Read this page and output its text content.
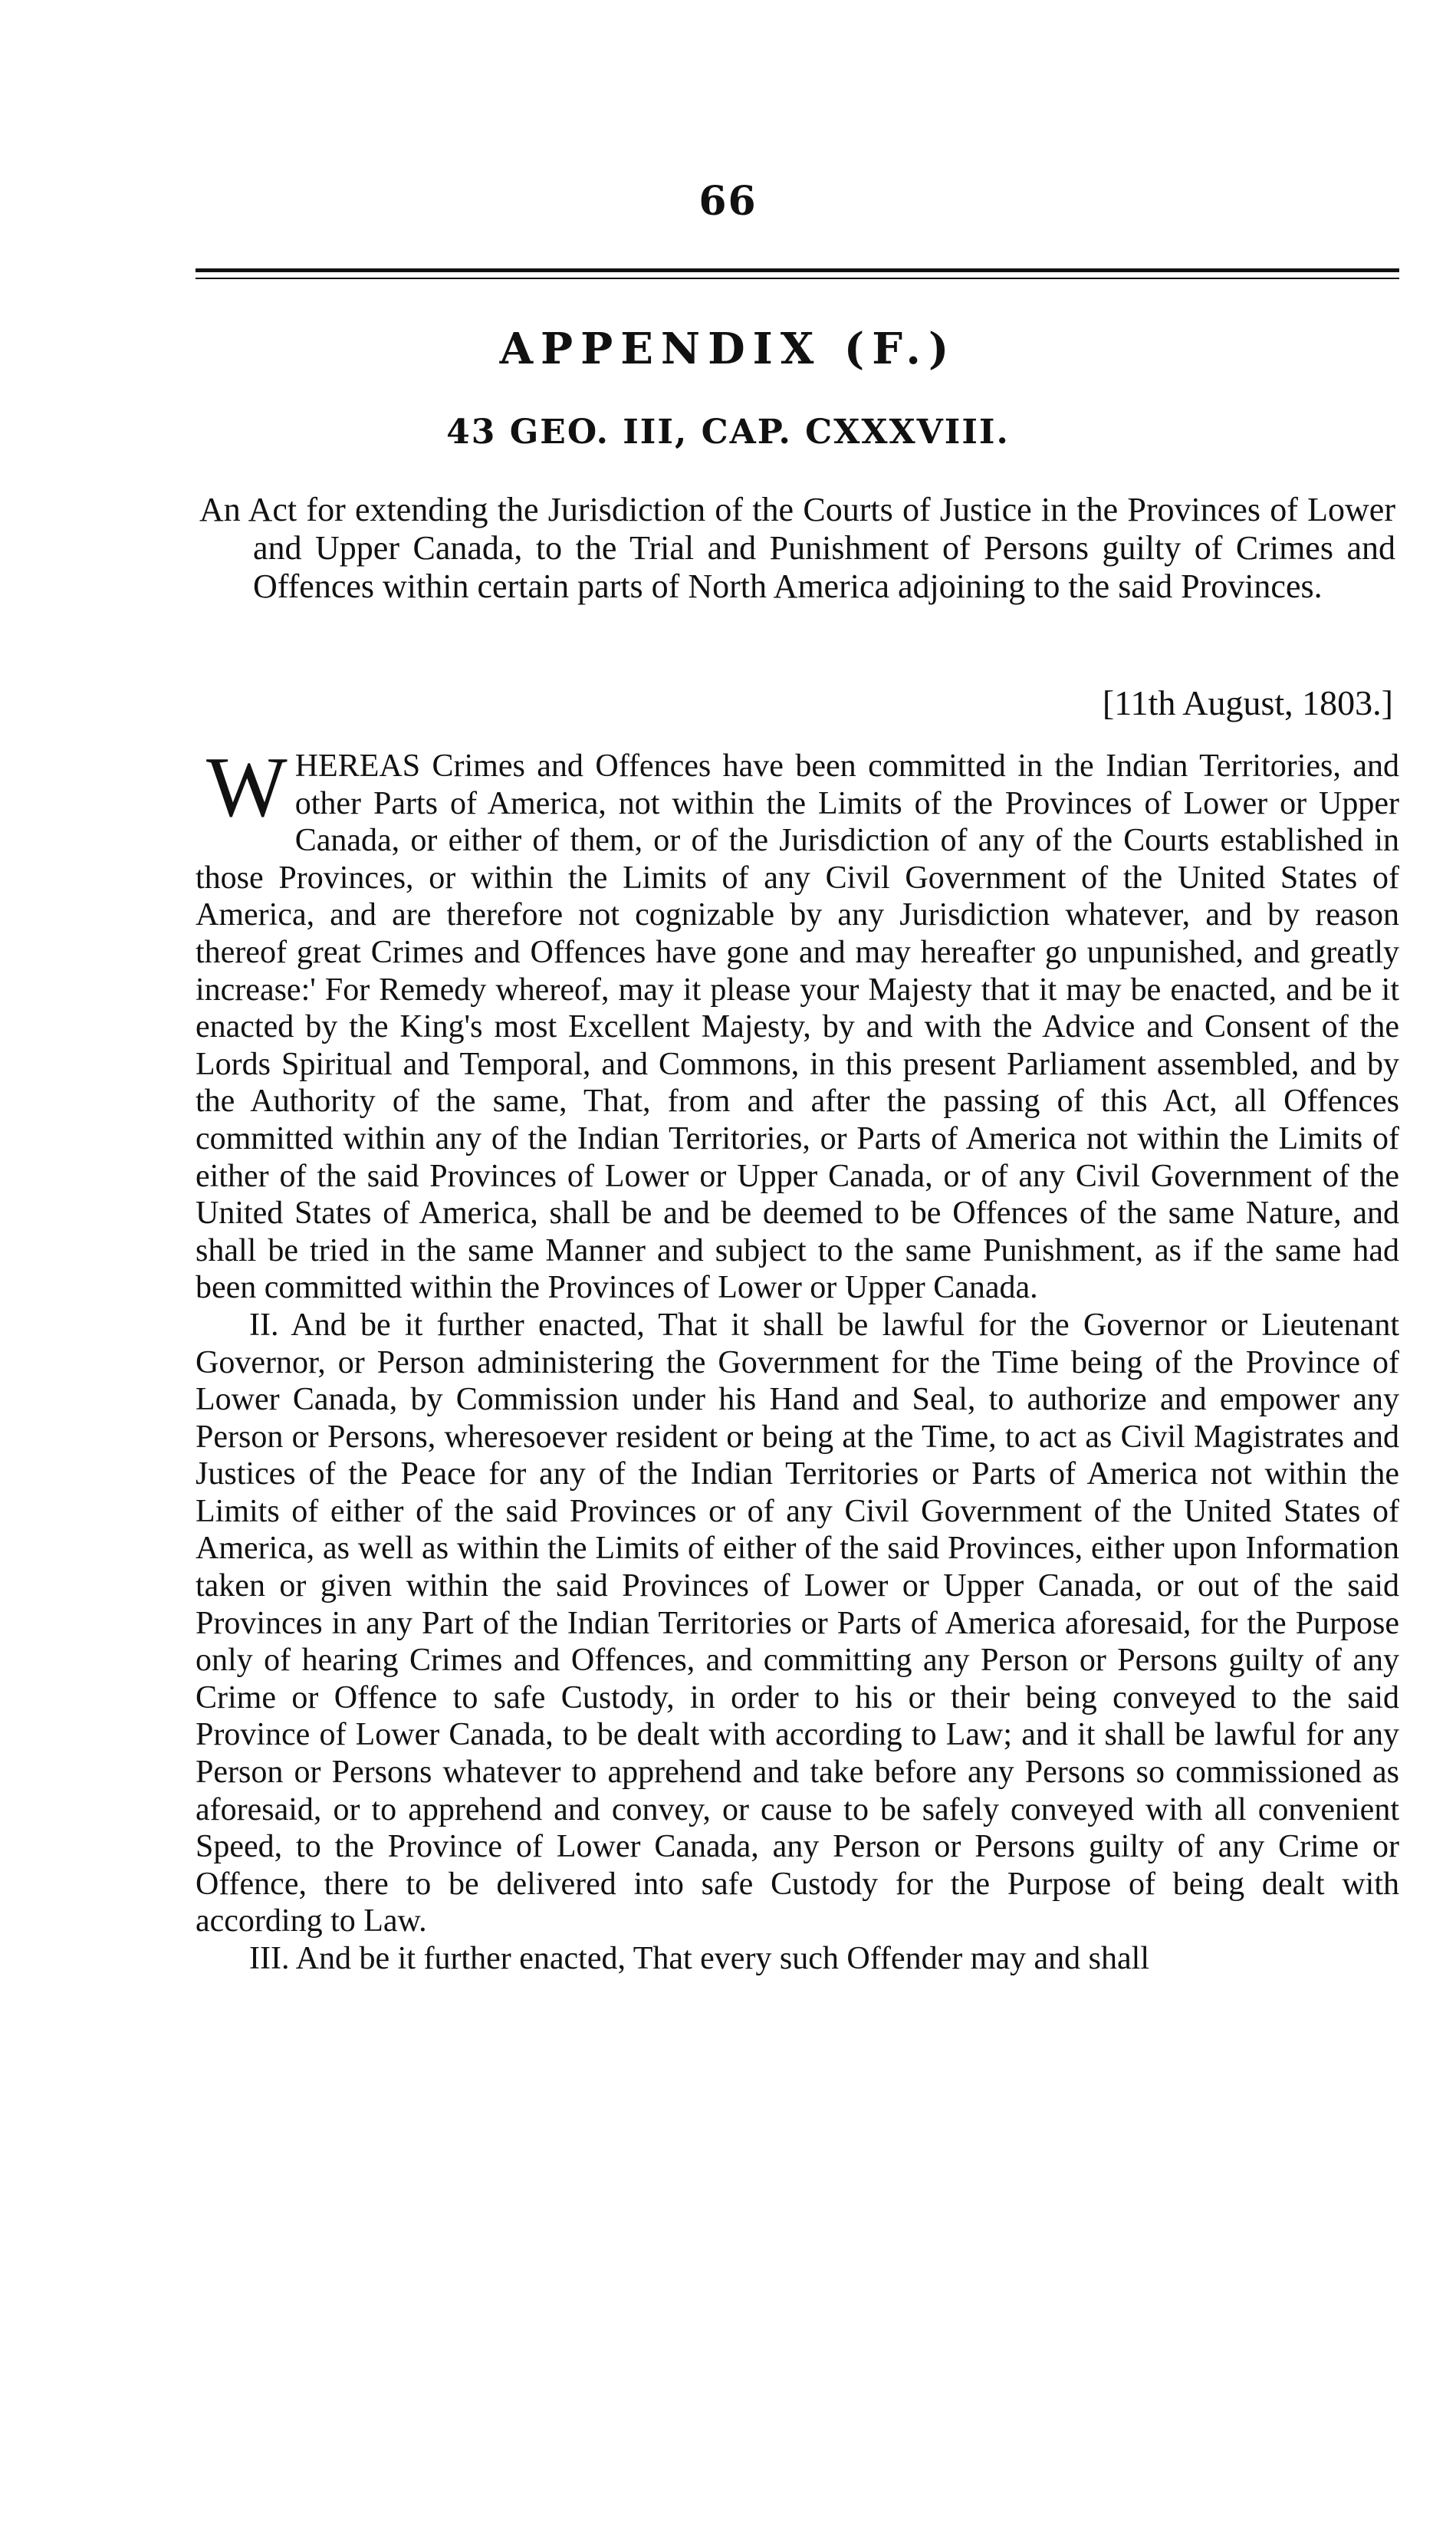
66
APPENDIX (F.)
43 GEO. III, CAP. CXXXVIII.
An Act for extending the Jurisdiction of the Courts of Justice in the Provinces of Lower and Upper Canada, to the Trial and Punishment of Persons guilty of Crimes and Offences within certain parts of North America adjoining to the said Provinces.
[11th August, 1803.]

WHEREAS Crimes and Offences have been committed in the Indian Territories, and other Parts of America, not within the Limits of the Provinces of Lower or Upper Canada, or either of them, or of the Jurisdiction of any of the Courts established in those Provinces, or within the Limits of any Civil Government of the United States of America, and are therefore not cognizable by any Jurisdiction whatever, and by reason thereof great Crimes and Offences have gone and may hereafter go unpunished, and greatly increase:' For Remedy whereof, may it please your Majesty that it may be enacted, and be it enacted by the King's most Excellent Majesty, by and with the Advice and Consent of the Lords Spiritual and Temporal, and Commons, in this present Parliament assembled, and by the Authority of the same, That, from and after the passing of this Act, all Offences committed within any of the Indian Territories, or Parts of America not within the Limits of either of the said Provinces of Lower or Upper Canada, or of any Civil Government of the United States of America, shall be and be deemed to be Offences of the same Nature, and shall be tried in the same Manner and subject to the same Punishment, as if the same had been committed within the Provinces of Lower or Upper Canada.

II. And be it further enacted, That it shall be lawful for the Governor or Lieutenant Governor, or Person administering the Government for the Time being of the Province of Lower Canada, by Commission under his Hand and Seal, to authorize and empower any Person or Persons, wheresoever resident or being at the Time, to act as Civil Magistrates and Justices of the Peace for any of the Indian Territories or Parts of America not within the Limits of either of the said Provinces or of any Civil Government of the United States of America, as well as within the Limits of either of the said Provinces, either upon Information taken or given within the said Provinces of Lower or Upper Canada, or out of the said Provinces in any Part of the Indian Territories or Parts of America aforesaid, for the Purpose only of hearing Crimes and Offences, and committing any Person or Persons guilty of any Crime or Offence to safe Custody, in order to his or their being conveyed to the said Province of Lower Canada, to be dealt with according to Law; and it shall be lawful for any Person or Persons whatever to apprehend and take before any Persons so commissioned as aforesaid, or to apprehend and convey, or cause to be safely conveyed with all convenient Speed, to the Province of Lower Canada, any Person or Persons guilty of any Crime or Offence, there to be delivered into safe Custody for the Purpose of being dealt with according to Law.

III. And be it further enacted, That every such Offender may and shall
